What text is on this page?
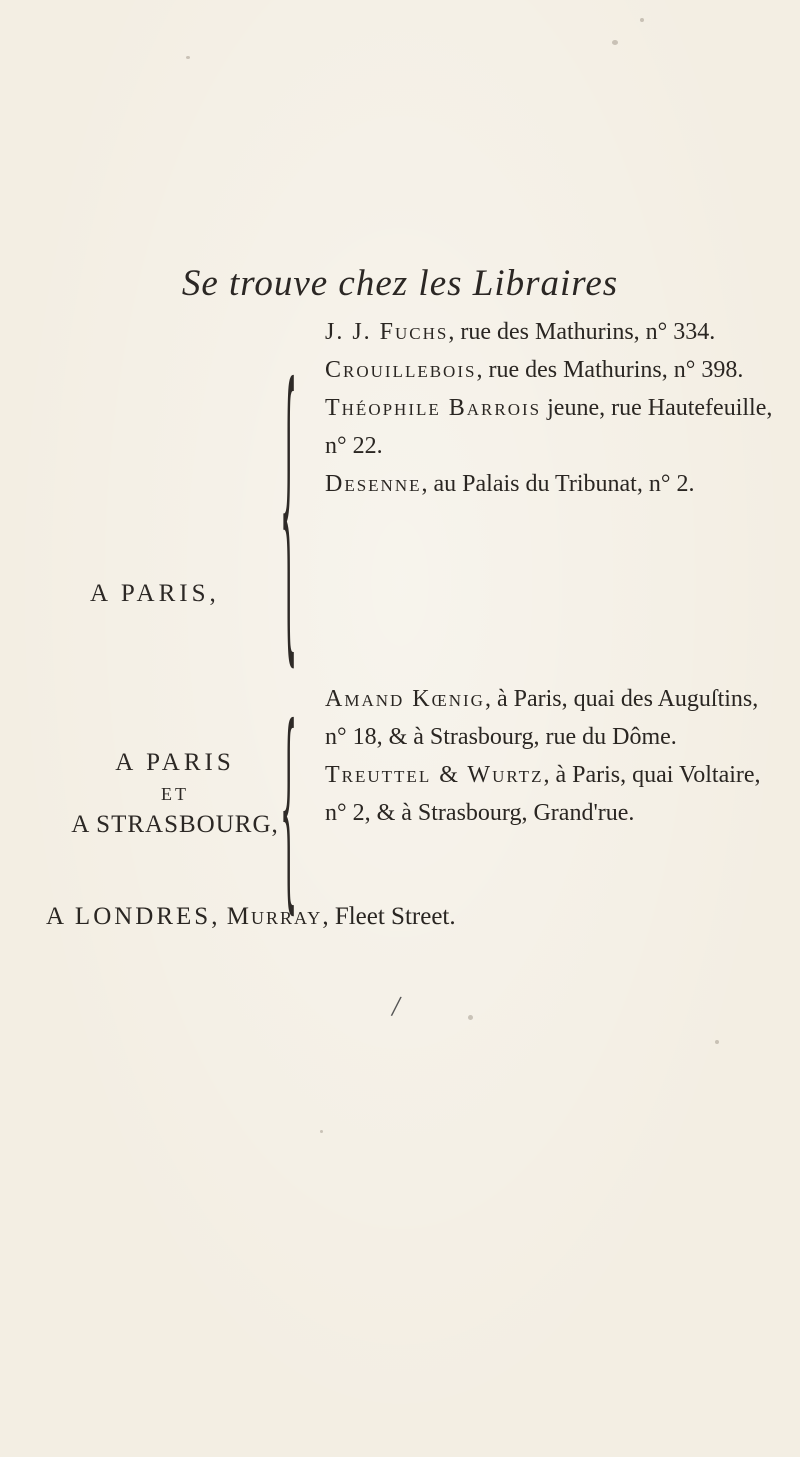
Se trouve chez les Libraires
A PARIS, { J. J. Fuchs, rue des Mathurins, n° 334.

Crouillebois, rue des Mathurins, n° 398.

Théophile Barrois jeune, rue Hautefeuille, n° 22.

Desenne, au Palais du Tribunat, n° 2.

A PARIS
ET
A STRASBOURG, { Amand Kœnig, à Paris, quai des Auguſtins, n° 18, & à Strasbourg, rue du Dôme.

Treuttel & Wurtz, à Paris, quai Voltaire, n° 2, & à Strasbourg, Grand'rue.

A LONDRES, Murray, Fleet Street.
/
